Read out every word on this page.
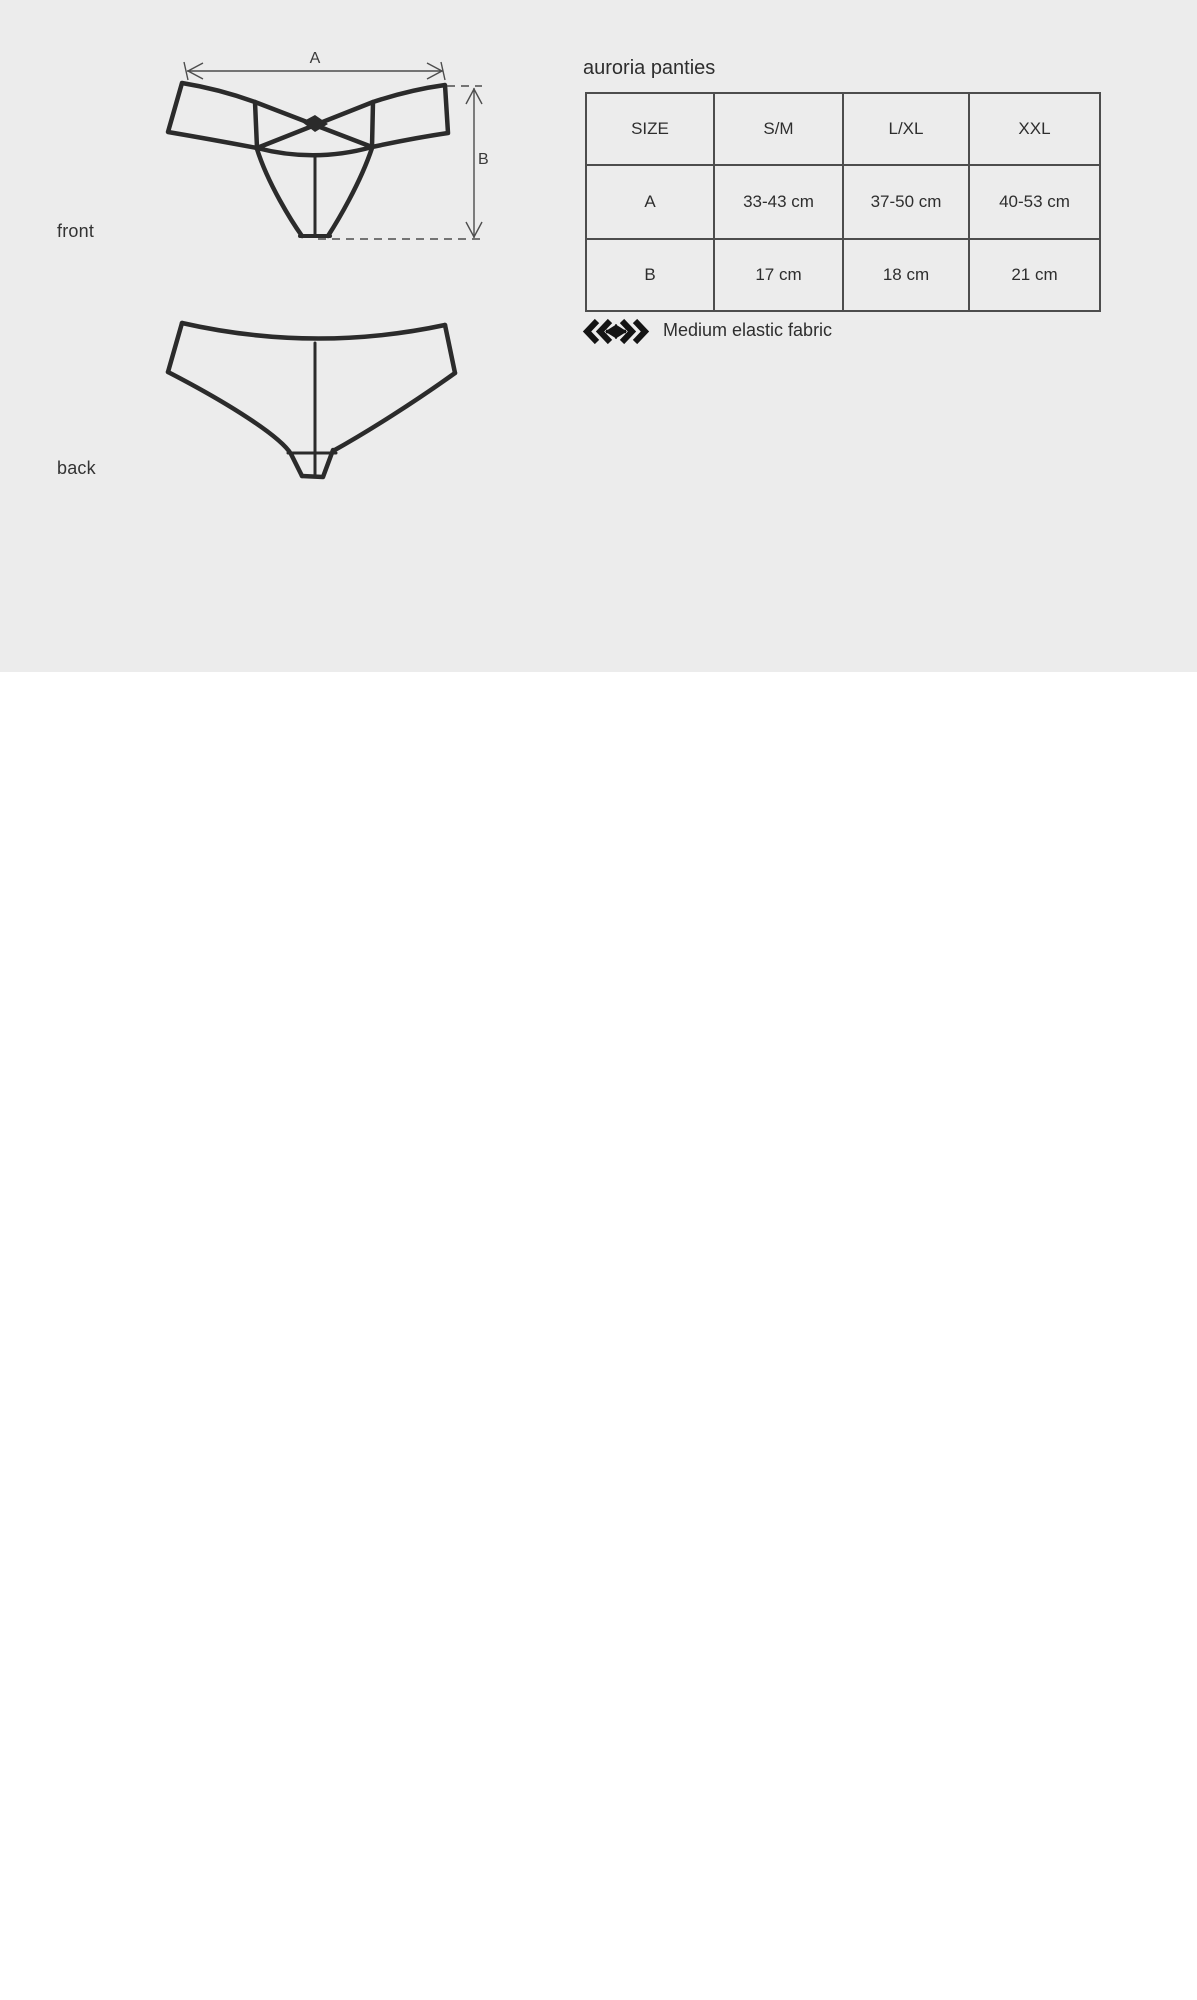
A
B
front
back
auroria panties
SIZE	S/M	L/XL	XXL
A	33-43 cm	37-50 cm	40-53 cm
B	17 cm	18 cm	21 cm
Medium elastic fabric
